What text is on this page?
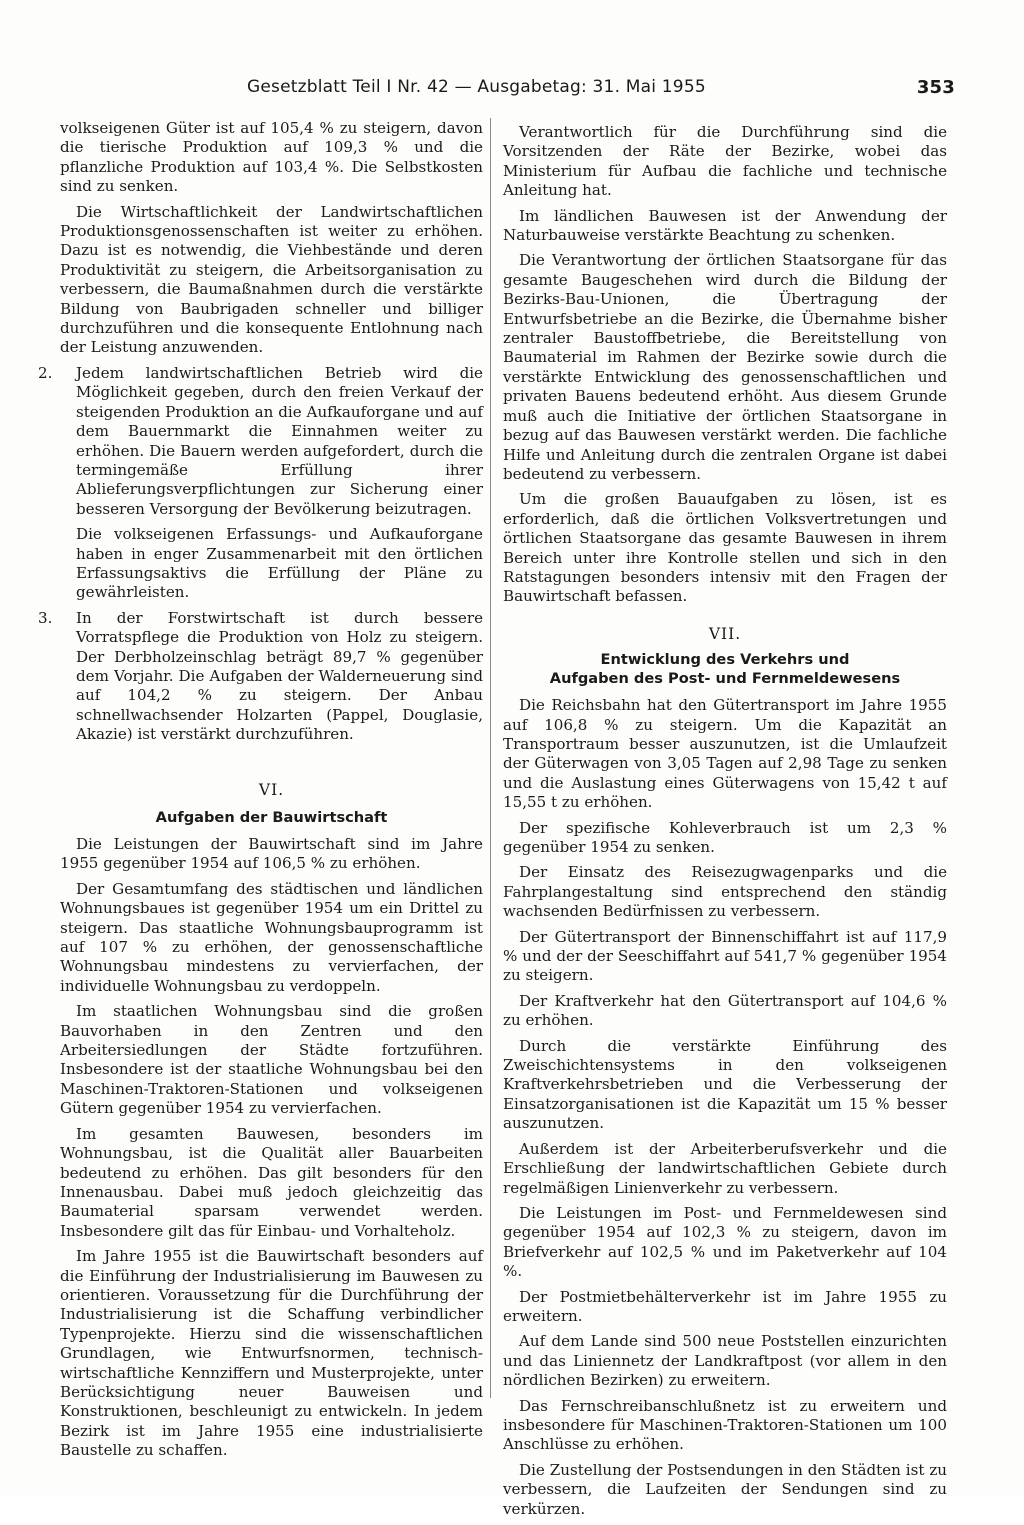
Gesetzblatt Teil I Nr. 42 — Ausgabetag: 31. Mai 1955	353

volkseigenen Güter ist auf 105,4 % zu steigern, davon die tierische Produktion auf 109,3 % und die pflanzliche Produktion auf 103,4 %. Die Selbstkosten sind zu senken.

Die Wirtschaftlichkeit der Landwirtschaftlichen Produktionsgenossenschaften ist weiter zu erhöhen. Dazu ist es notwendig, die Viehbestände und deren Produktivität zu steigern, die Arbeitsorganisation zu verbessern, die Baumaßnahmen durch die verstärkte Bildung von Baubrigaden schneller und billiger durchzuführen und die konsequente Entlohnung nach der Leistung anzuwenden.

2. Jedem landwirtschaftlichen Betrieb wird die Möglichkeit gegeben, durch den freien Verkauf der steigenden Produktion an die Aufkauforgane und auf dem Bauernmarkt die Einnahmen weiter zu erhöhen. Die Bauern werden aufgefordert, durch die termingemäße Erfüllung ihrer Ablieferungsverpflichtungen zur Sicherung einer besseren Versorgung der Bevölkerung beizutragen.

Die volkseigenen Erfassungs- und Aufkauforgane haben in enger Zusammenarbeit mit den örtlichen Erfassungsaktivs die Erfüllung der Pläne zu gewährleisten.

3. In der Forstwirtschaft ist durch bessere Vorratspflege die Produktion von Holz zu steigern. Der Derbholzeinschlag beträgt 89,7 % gegenüber dem Vorjahr. Die Aufgaben der Walderneuerung sind auf 104,2 % zu steigern. Der Anbau schnellwachsender Holzarten (Pappel, Douglasie, Akazie) ist verstärkt durchzuführen.

VI.
Aufgaben der Bauwirtschaft

Die Leistungen der Bauwirtschaft sind im Jahre 1955 gegenüber 1954 auf 106,5 % zu erhöhen.

Der Gesamtumfang des städtischen und ländlichen Wohnungsbaues ist gegenüber 1954 um ein Drittel zu steigern. Das staatliche Wohnungsbauprogramm ist auf 107 % zu erhöhen, der genossenschaftliche Wohnungsbau mindestens zu vervierfachen, der individuelle Wohnungsbau zu verdoppeln.

Im staatlichen Wohnungsbau sind die großen Bauvorhaben in den Zentren und den Arbeitersiedlungen der Städte fortzuführen. Insbesondere ist der staatliche Wohnungsbau bei den Maschinen-Traktoren-Stationen und volkseigenen Gütern gegenüber 1954 zu vervierfachen.

Im gesamten Bauwesen, besonders im Wohnungsbau, ist die Qualität aller Bauarbeiten bedeutend zu erhöhen. Das gilt besonders für den Innenausbau. Dabei muß jedoch gleichzeitig das Baumaterial sparsam verwendet werden. Insbesondere gilt das für Einbau- und Vorhalteholz.

Im Jahre 1955 ist die Bauwirtschaft besonders auf die Einführung der Industrialisierung im Bauwesen zu orientieren. Voraussetzung für die Durchführung der Industrialisierung ist die Schaffung verbindlicher Typenprojekte. Hierzu sind die wissenschaftlichen Grundlagen, wie Entwurfsnormen, technisch-wirtschaftliche Kennziffern und Musterprojekte, unter Berücksichtigung neuer Bauweisen und Konstruktionen, beschleunigt zu entwickeln. In jedem Bezirk ist im Jahre 1955 eine industrialisierte Baustelle zu schaffen.

Verantwortlich für die Durchführung sind die Vorsitzenden der Räte der Bezirke, wobei das Ministerium für Aufbau die fachliche und technische Anleitung hat.

Im ländlichen Bauwesen ist der Anwendung der Naturbauweise verstärkte Beachtung zu schenken.

Die Verantwortung der örtlichen Staatsorgane für das gesamte Baugeschehen wird durch die Bildung der Bezirks-Bau-Unionen, die Übertragung der Entwurfsbetriebe an die Bezirke, die Übernahme bisher zentraler Baustoffbetriebe, die Bereitstellung von Baumaterial im Rahmen der Bezirke sowie durch die verstärkte Entwicklung des genossenschaftlichen und privaten Bauens bedeutend erhöht. Aus diesem Grunde muß auch die Initiative der örtlichen Staatsorgane in bezug auf das Bauwesen verstärkt werden. Die fachliche Hilfe und Anleitung durch die zentralen Organe ist dabei bedeutend zu verbessern.

Um die großen Bauaufgaben zu lösen, ist es erforderlich, daß die örtlichen Volksvertretungen und örtlichen Staatsorgane das gesamte Bauwesen in ihrem Bereich unter ihre Kontrolle stellen und sich in den Ratstagungen besonders intensiv mit den Fragen der Bauwirtschaft befassen.

VII.
Entwicklung des Verkehrs und
Aufgaben des Post- und Fernmeldewesens

Die Reichsbahn hat den Gütertransport im Jahre 1955 auf 106,8 % zu steigern. Um die Kapazität an Transportraum besser auszunutzen, ist die Umlaufzeit der Güterwagen von 3,05 Tagen auf 2,98 Tage zu senken und die Auslastung eines Güterwagens von 15,42 t auf 15,55 t zu erhöhen.

Der spezifische Kohleverbrauch ist um 2,3 % gegenüber 1954 zu senken.

Der Einsatz des Reisezugwagenparks und die Fahrplangestaltung sind entsprechend den ständig wachsenden Bedürfnissen zu verbessern.

Der Gütertransport der Binnenschiffahrt ist auf 117,9 % und der der Seeschiffahrt auf 541,7 % gegenüber 1954 zu steigern.

Der Kraftverkehr hat den Gütertransport auf 104,6 % zu erhöhen.

Durch die verstärkte Einführung des Zweischichtensystems in den volkseigenen Kraftverkehrsbetrieben und die Verbesserung der Einsatzorganisationen ist die Kapazität um 15 % besser auszunutzen.

Außerdem ist der Arbeiterberufsverkehr und die Erschließung der landwirtschaftlichen Gebiete durch regelmäßigen Linienverkehr zu verbessern.

Die Leistungen im Post- und Fernmeldewesen sind gegenüber 1954 auf 102,3 % zu steigern, davon im Briefverkehr auf 102,5 % und im Paketverkehr auf 104 %.

Der Postmietbehälterverkehr ist im Jahre 1955 zu erweitern.

Auf dem Lande sind 500 neue Poststellen einzurichten und das Liniennetz der Landkraftpost (vor allem in den nördlichen Bezirken) zu erweitern.

Das Fernschreibanschlußnetz ist zu erweitern und insbesondere für Maschinen-Traktoren-Stationen um 100 Anschlüsse zu erhöhen.

Die Zustellung der Postsendungen in den Städten ist zu verbessern, die Laufzeiten der Sendungen sind zu verkürzen.
